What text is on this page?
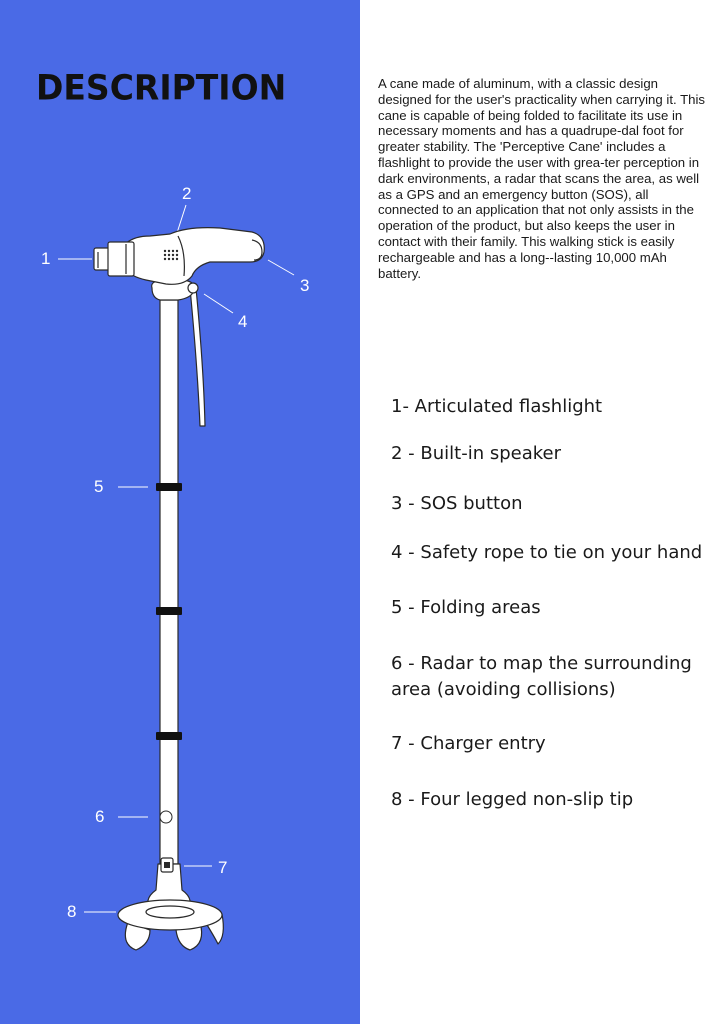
DESCRIPTION
1
2
3
4
5
6
7
8

A cane made of aluminum, with a classic design designed for the user's practicality when carrying it. This cane is capable of being folded to facilitate its use in necessary moments and has a quadrupe-dal foot for greater stability. The 'Perceptive Cane' includes a flashlight to provide the user with grea-ter perception in dark environments, a radar that scans the area, as well as a GPS and an emergency button (SOS), all connected to an application that not only assists in the operation of the product, but also keeps the user in contact with their family. This walking stick is easily rechargeable and has a long--lasting 10,000 mAh battery.

1- Articulated flashlight

2 - Built-in speaker

3 - SOS button

4 - Safety rope to tie on your hand

5 - Folding areas

6 - Radar to map the surrounding

area (avoiding collisions)

7 - Charger entry

8 - Four legged non-slip tip
